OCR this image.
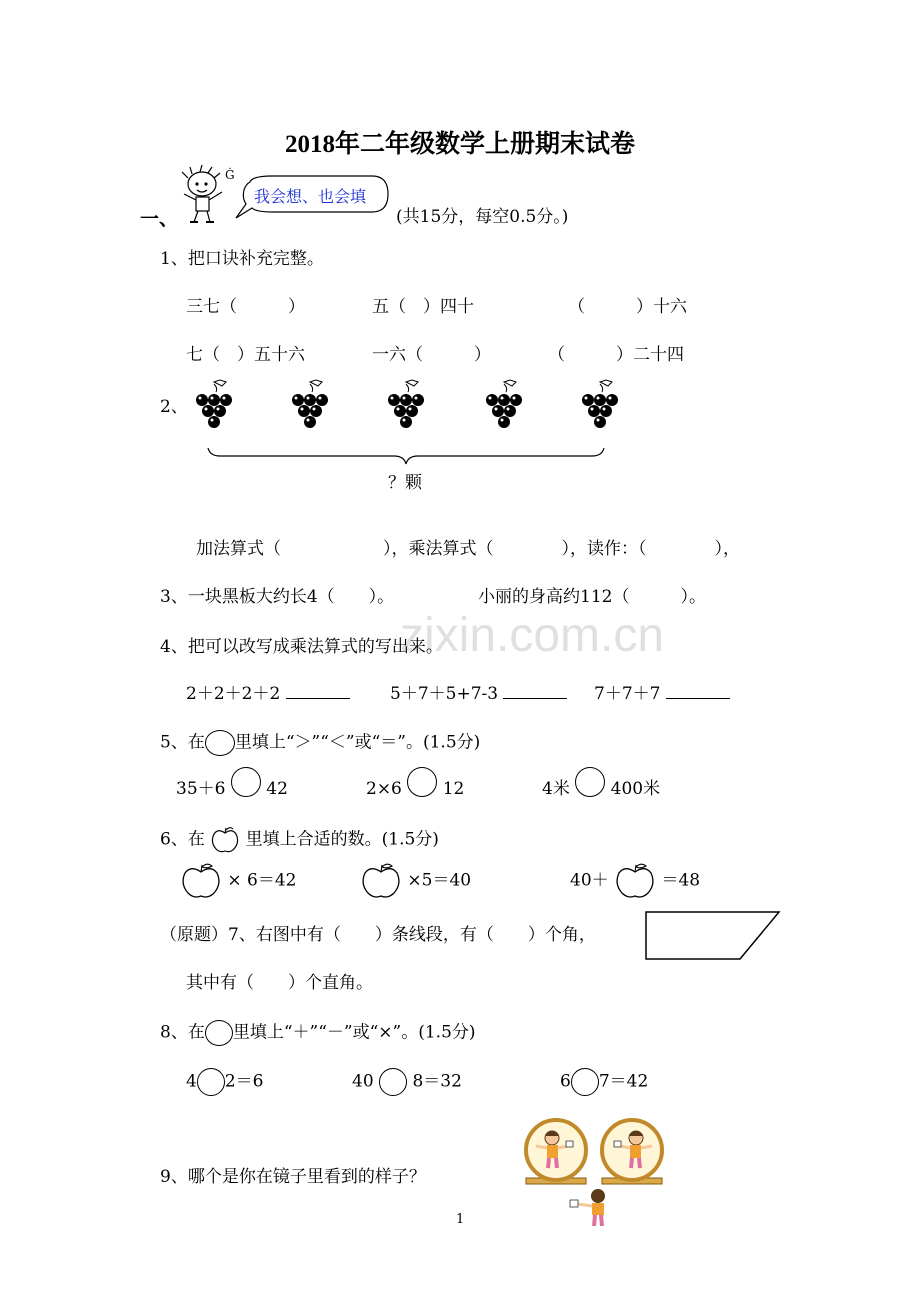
2018年二年级数学上册期末试卷
zixin.com.cn
一、
Ġ
我会想、也会填
(共15分，每空0.5分。)
1、把口诀补充完整。
三七（　　　）	五（　）四十	（　　　）十六
七（　）五十六	一六（　　　）	（　　　）二十四
2、
？颗
加法算式（　　　　　　），乘法算式（　　　　），读作：（　　　　），
3、一块黑板大约长4（　　）。	小丽的身高约112（　　　）。
4、把可以改写成乘法算式的写出来。
2＋2＋2＋2	5＋7＋5+7-3	7＋7＋7
5、在 里填上“＞”“＜”或“＝”。(1.5分)
35＋6 42	2×6 12	4米 400米
6、在 里填上合适的数。(1.5分)
× 6＝42	×5＝40	40＋	＝48
（原题）7、右图中有（　　）条线段，有（　　）个角，
其中有（　　）个直角。
8、在 里填上“＋”“－”或“×”。(1.5分)
4 2＝6	40 8＝32	6 7＝42
9、哪个是你在镜子里看到的样子？
1
